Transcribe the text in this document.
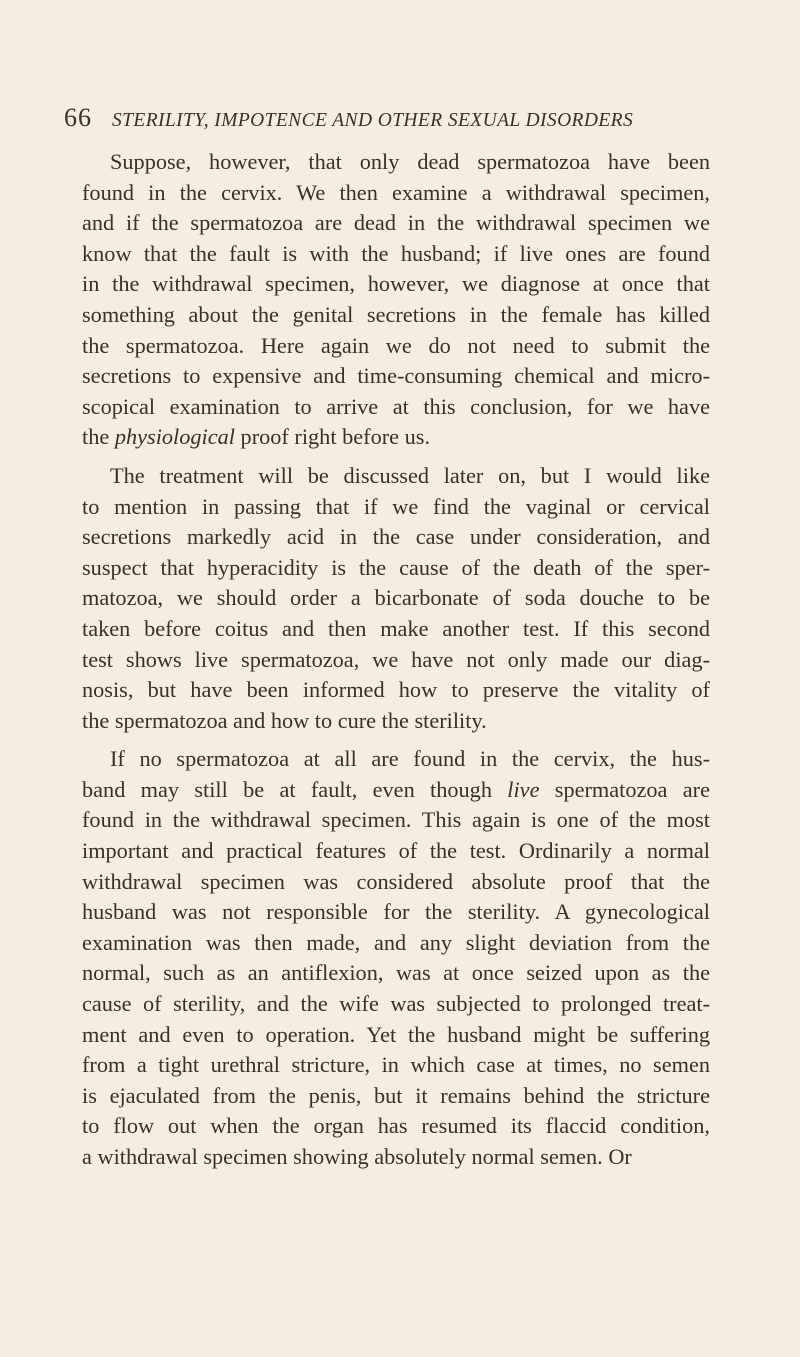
66 STERILITY, IMPOTENCE AND OTHER SEXUAL DISORDERS

Suppose, however, that only dead spermatozoa have been
found in the cervix. We then examine a withdrawal specimen,
and if the spermatozoa are dead in the withdrawal specimen we
know that the fault is with the husband; if live ones are found
in the withdrawal specimen, however, we diagnose at once that
something about the genital secretions in the female has killed
the spermatozoa. Here again we do not need to submit the
secretions to expensive and time-consuming chemical and micro-
scopical examination to arrive at this conclusion, for we have
the physiological proof right before us.

The treatment will be discussed later on, but I would like
to mention in passing that if we find the vaginal or cervical
secretions markedly acid in the case under consideration, and
suspect that hyperacidity is the cause of the death of the sper-
matozoa, we should order a bicarbonate of soda douche to be
taken before coitus and then make another test. If this second
test shows live spermatozoa, we have not only made our diag-
nosis, but have been informed how to preserve the vitality of
the spermatozoa and how to cure the sterility.

If no spermatozoa at all are found in the cervix, the hus-
band may still be at fault, even though live spermatozoa are
found in the withdrawal specimen. This again is one of the most
important and practical features of the test. Ordinarily a normal
withdrawal specimen was considered absolute proof that the
husband was not responsible for the sterility. A gynecological
examination was then made, and any slight deviation from the
normal, such as an antiflexion, was at once seized upon as the
cause of sterility, and the wife was subjected to prolonged treat-
ment and even to operation. Yet the husband might be suffering
from a tight urethral stricture, in which case at times, no semen
is ejaculated from the penis, but it remains behind the stricture
to flow out when the organ has resumed its flaccid condition,
a withdrawal specimen showing absolutely normal semen. Or
